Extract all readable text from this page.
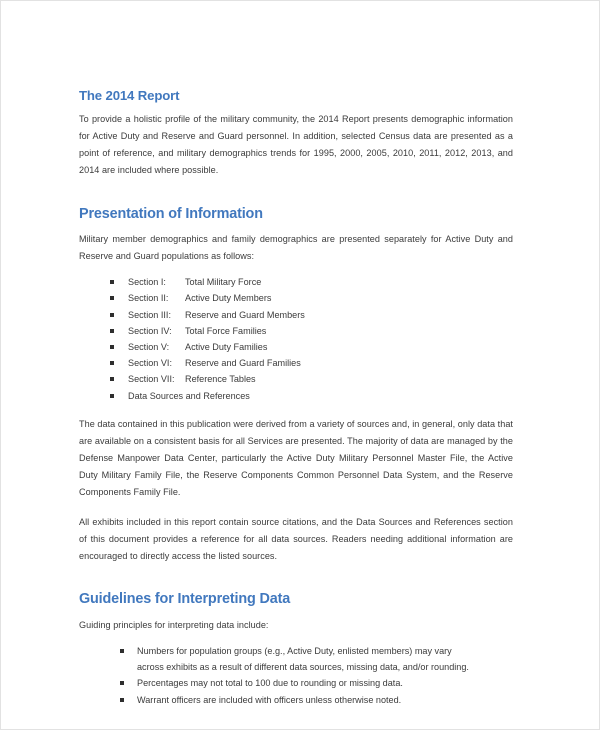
The 2014 Report

To provide a holistic profile of the military community, the 2014 Report presents demographic information for Active Duty and Reserve and Guard personnel. In addition, selected Census data are presented as a point of reference, and military demographics trends for 1995, 2000, 2005, 2010, 2011, 2012, 2013, and 2014 are included where possible.

Presentation of Information

Military member demographics and family demographics are presented separately for Active Duty and Reserve and Guard populations as follows:

Section I:	Total Military Force
Section II:	Active Duty Members
Section III:	Reserve and Guard Members
Section IV:	Total Force Families
Section V:	Active Duty Families
Section VI:	Reserve and Guard Families
Section VII:	Reference Tables
Data Sources and References

The data contained in this publication were derived from a variety of sources and, in general, only data that are available on a consistent basis for all Services are presented. The majority of data are managed by the Defense Manpower Data Center, particularly the Active Duty Military Personnel Master File, the Active Duty Military Family File, the Reserve Components Common Personnel Data System, and the Reserve Components Family File.

All exhibits included in this report contain source citations, and the Data Sources and References section of this document provides a reference for all data sources. Readers needing additional information are encouraged to directly access the listed sources.

Guidelines for Interpreting Data

Guiding principles for interpreting data include:

Numbers for population groups (e.g., Active Duty, enlisted members) may vary across exhibits as a result of different data sources, missing data, and/or rounding.
Percentages may not total to 100 due to rounding or missing data.
Warrant officers are included with officers unless otherwise noted.
